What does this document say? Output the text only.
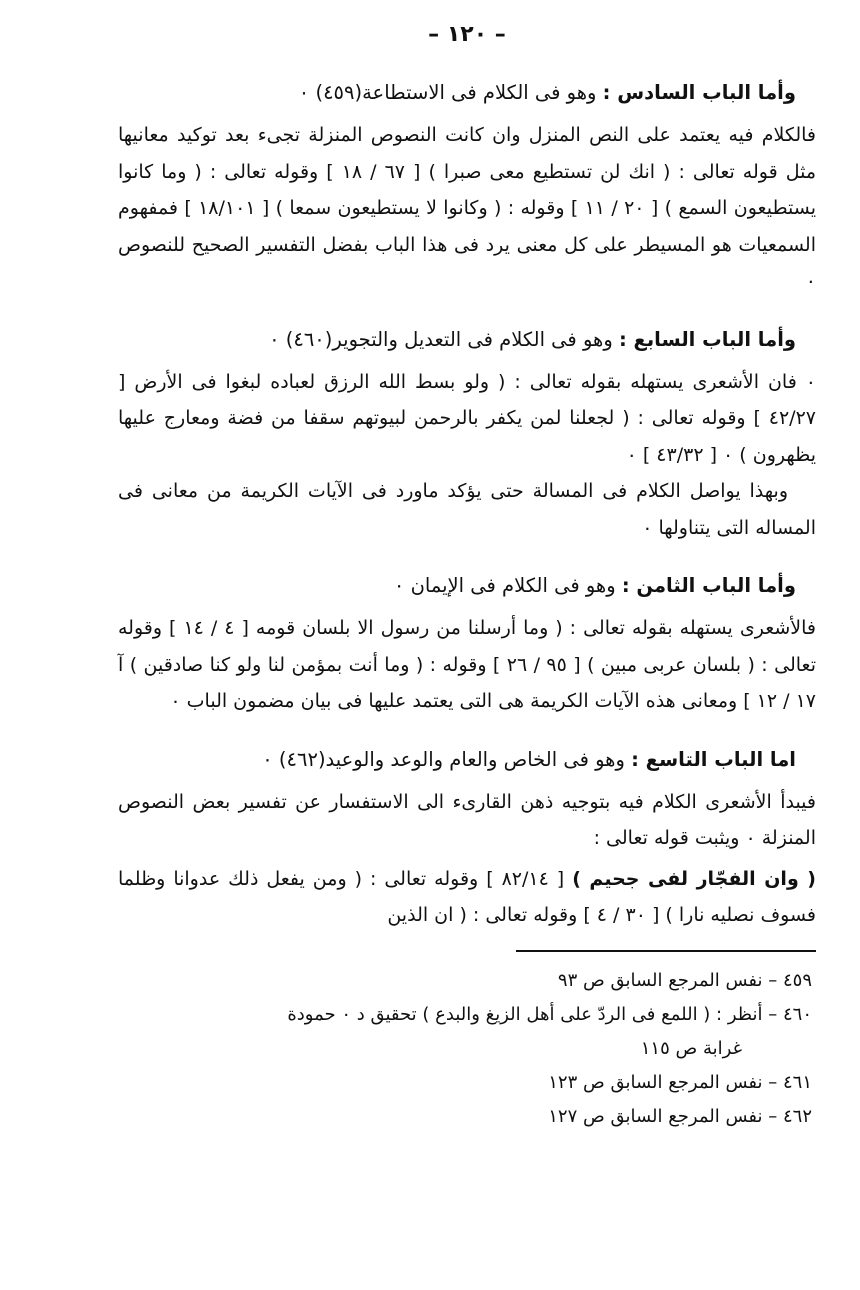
– ١٢٠ –

وأما الباب السادس : وهو فى الكلام فى الاستطاعة(٤٥٩) ٠

فالكلام فيه يعتمد على النص المنزل وان كانت النصوص المنزلة تجىء بعد توكيد معانيها مثل قوله تعالى : ( انك لن تستطيع معى صبرا ) [ ٦٧ / ١٨ ] وقوله تعالى : ( وما كانوا يستطيعون السمع ) [ ٢٠ / ١١ ] وقوله : ( وكانوا لا يستطيعون سمعا ) [ ١٨/١٠١ ] فمفهوم السمعيات هو المسيطر على كل معنى يرد فى هذا الباب بفضل التفسير الصحيح للنصوص ٠

وأما الباب السابع : وهو فى الكلام فى التعديل والتجوير(٤٦٠) ٠

٠ فان الأشعرى يستهله بقوله تعالى : ( ولو بسط الله الرزق لعباده لبغوا فى الأرض [ ٤٢/٢٧ ] وقوله تعالى : ( لجعلنا لمن يكفر بالرحمن لبيوتهم سقفا من فضة ومعارج عليها يظهرون ) ٠ [ ٤٣/٣٢ ] ٠

وبهذا يواصل الكلام فى المسالة حتى يؤكد ماورد فى الآيات الكريمة من معانى فى المساله التى يتناولها ٠

وأما الباب الثامن : وهو فى الكلام فى الإيمان ٠

فالأشعرى يستهله بقوله تعالى : ( وما أرسلنا من رسول الا بلسان قومه [ ٤ / ١٤ ] وقوله تعالى : ( بلسان عربى مبين ) [ ٩٥ / ٢٦ ] وقوله : ( وما أنت بمؤمن لنا ولو كنا صادقين ) آ ١٧ / ١٢ ] ومعانى هذه الآيات الكريمة هى التى يعتمد عليها فى بيان مضمون الباب ٠

اما الباب التاسع : وهو فى الخاص والعام والوعد والوعيد(٤٦٢) ٠

فيبدأ الأشعرى الكلام فيه بتوجيه ذهن القارىء الى الاستفسار عن تفسير بعض النصوص المنزلة ٠ ويثبت قوله تعالى :

( وان الفجّار لفى جحيم ) [ ٨٢/١٤ ] وقوله تعالى : ( ومن يفعل ذلك عدوانا وظلما فسوف نصليه نارا ) [ ٣٠ / ٤ ] وقوله تعالى : ( ان الذين

٤٥٩ – نفس المرجع السابق ص ٩٣

٤٦٠ – أنظر : ( اللمع فى الردّ على أهل الزيغ والبدع ) تحقيق د ٠ حمودة

غرابة ص ١١٥

٤٦١ – نفس المرجع السابق ص ١٢٣

٤٦٢ – نفس المرجع السابق ص ١٢٧
